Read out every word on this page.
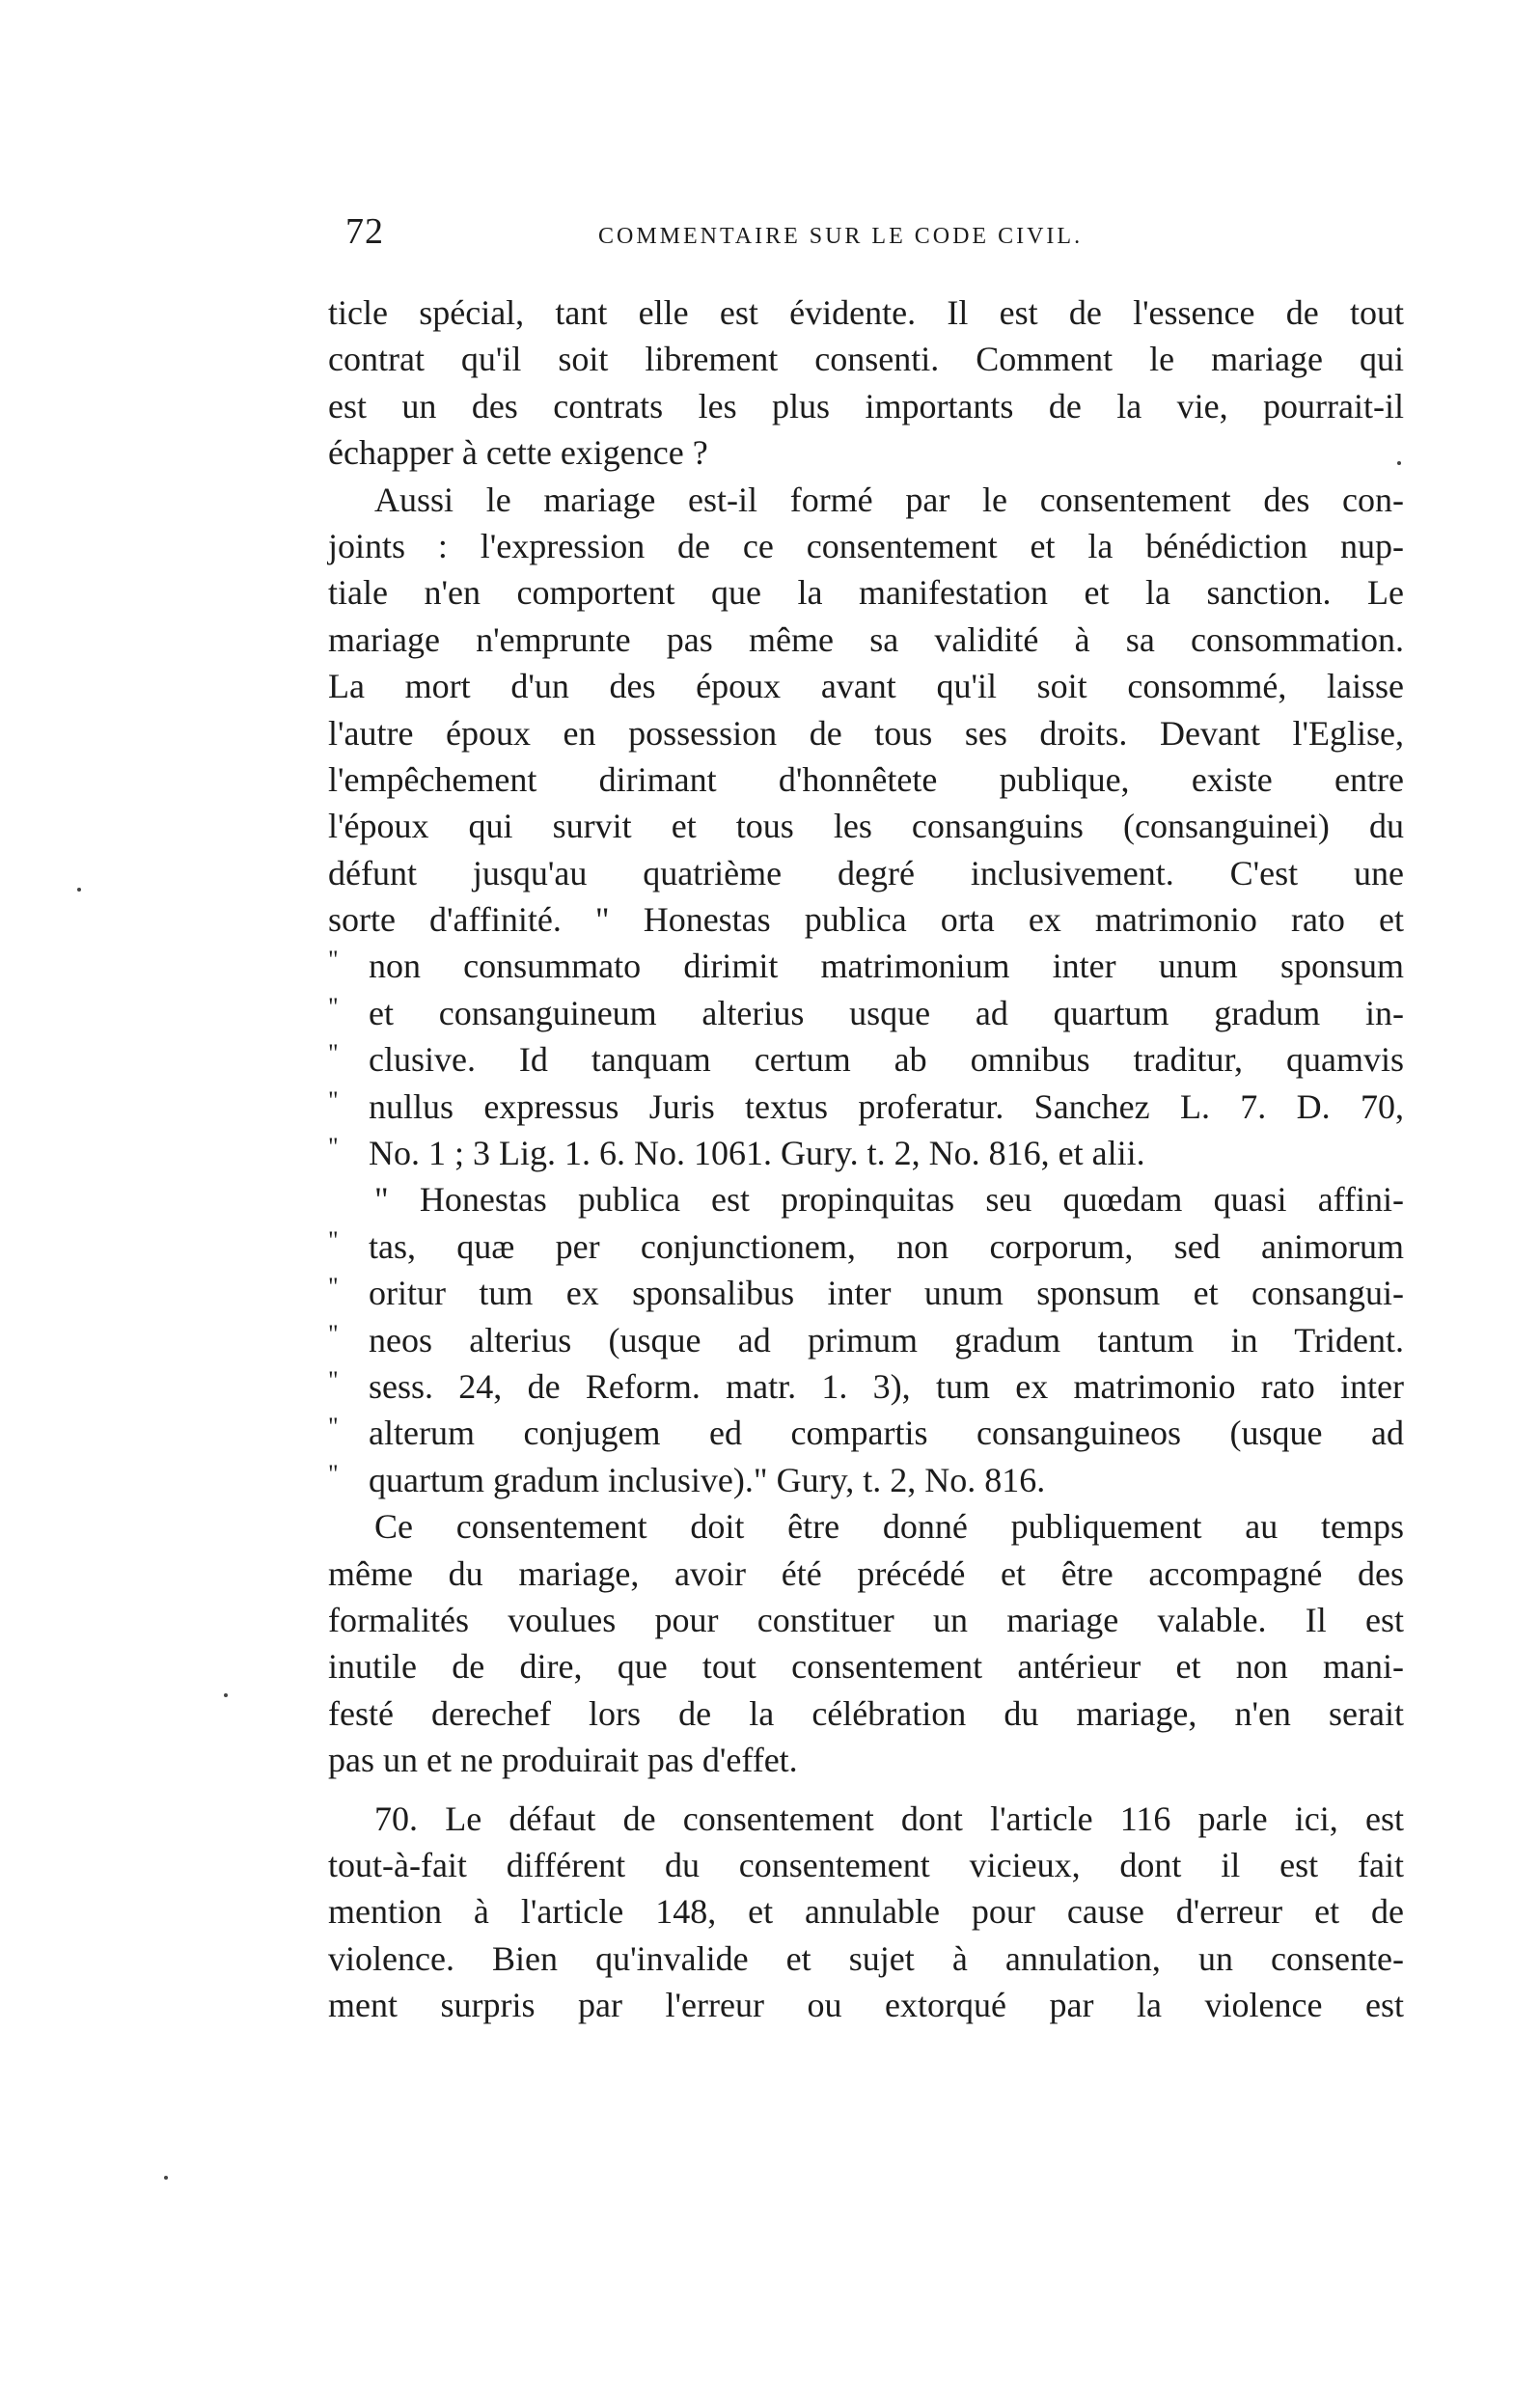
72	COMMENTAIRE SUR LE CODE CIVIL.
ticle spécial, tant elle est évidente. Il est de l'essence de tout
contrat qu'il soit librement consenti. Comment le mariage qui
est un des contrats les plus importants de la vie, pourrait-il
échapper à cette exigence ?
Aussi le mariage est-il formé par le consentement des con-
joints : l'expression de ce consentement et la bénédiction nup-
tiale n'en comportent que la manifestation et la sanction. Le
mariage n'emprunte pas même sa validité à sa consommation.
La mort d'un des époux avant qu'il soit consommé, laisse
l'autre époux en possession de tous ses droits. Devant l'Eglise,
l'empêchement dirimant d'honnêtete publique, existe entre
l'époux qui survit et tous les consanguins (consanguinei) du
défunt jusqu'au quatrième degré inclusivement. C'est une
sorte d'affinité. " Honestas publica orta ex matrimonio rato et
" non consummato dirimit matrimonium inter unum sponsum
" et consanguineum alterius usque ad quartum gradum in-
" clusive. Id tanquam certum ab omnibus traditur, quamvis
" nullus expressus Juris textus proferatur. Sanchez L. 7. D. 70,
" No. 1 ; 3 Lig. 1. 6. No. 1061. Gury. t. 2, No. 816, et alii.
" Honestas publica est propinquitas seu quœdam quasi affini-
" tas, quæ per conjunctionem, non corporum, sed animorum
" oritur tum ex sponsalibus inter unum sponsum et consangui-
" neos alterius (usque ad primum gradum tantum in Trident.
" sess. 24, de Reform. matr. 1. 3), tum ex matrimonio rato inter
" alterum conjugem ed compartis consanguineos (usque ad
" quartum gradum inclusive)." Gury, t. 2, No. 816.
Ce consentement doit être donné publiquement au temps
même du mariage, avoir été précédé et être accompagné des
formalités voulues pour constituer un mariage valable. Il est
inutile de dire, que tout consentement antérieur et non mani-
festé derechef lors de la célébration du mariage, n'en serait
pas un et ne produirait pas d'effet.
70. Le défaut de consentement dont l'article 116 parle ici, est
tout-à-fait différent du consentement vicieux, dont il est fait
mention à l'article 148, et annulable pour cause d'erreur et de
violence. Bien qu'invalide et sujet à annulation, un consente-
ment surpris par l'erreur ou extorqué par la violence est
